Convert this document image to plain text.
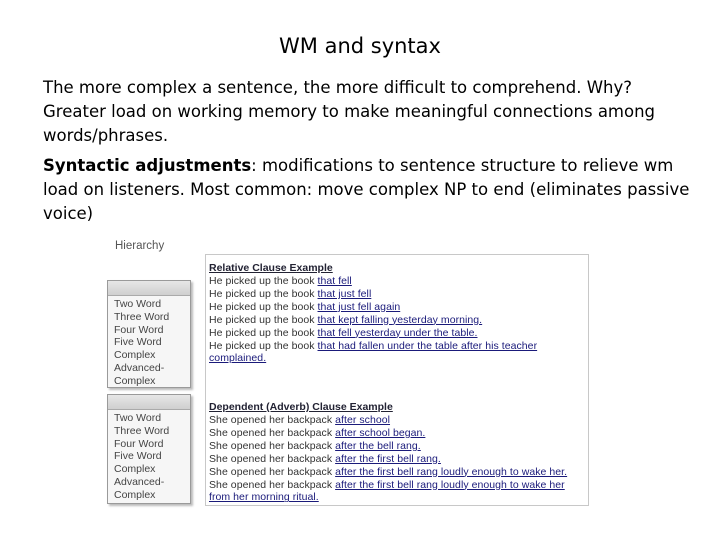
WM and syntax

The more complex a sentence, the more difficult to comprehend. Why? Greater load on working memory to make meaningful connections among words/phrases.

Syntactic adjustments: modifications to sentence structure to relieve wm load on listeners. Most common: move complex NP to end (eliminates passive voice)

Hierarchy
Two Word
Three Word
Four Word
Five Word
Complex
Advanced-
Complex
Two Word
Three Word
Four Word
Five Word
Complex
Advanced-
Complex
Relative Clause Example
He picked up the book that fell
He picked up the book that just fell
He picked up the book that just fell again
He picked up the book that kept falling yesterday morning.
He picked up the book that fell yesterday under the table.
He picked up the book that had fallen under the table after his teacher complained.
Dependent (Adverb) Clause Example
She opened her backpack after school
She opened her backpack after school began.
She opened her backpack after the bell rang.
She opened her backpack after the first bell rang.
She opened her backpack after the first bell rang loudly enough to wake her.
She opened her backpack after the first bell rang loudly enough to wake her from her morning ritual.
